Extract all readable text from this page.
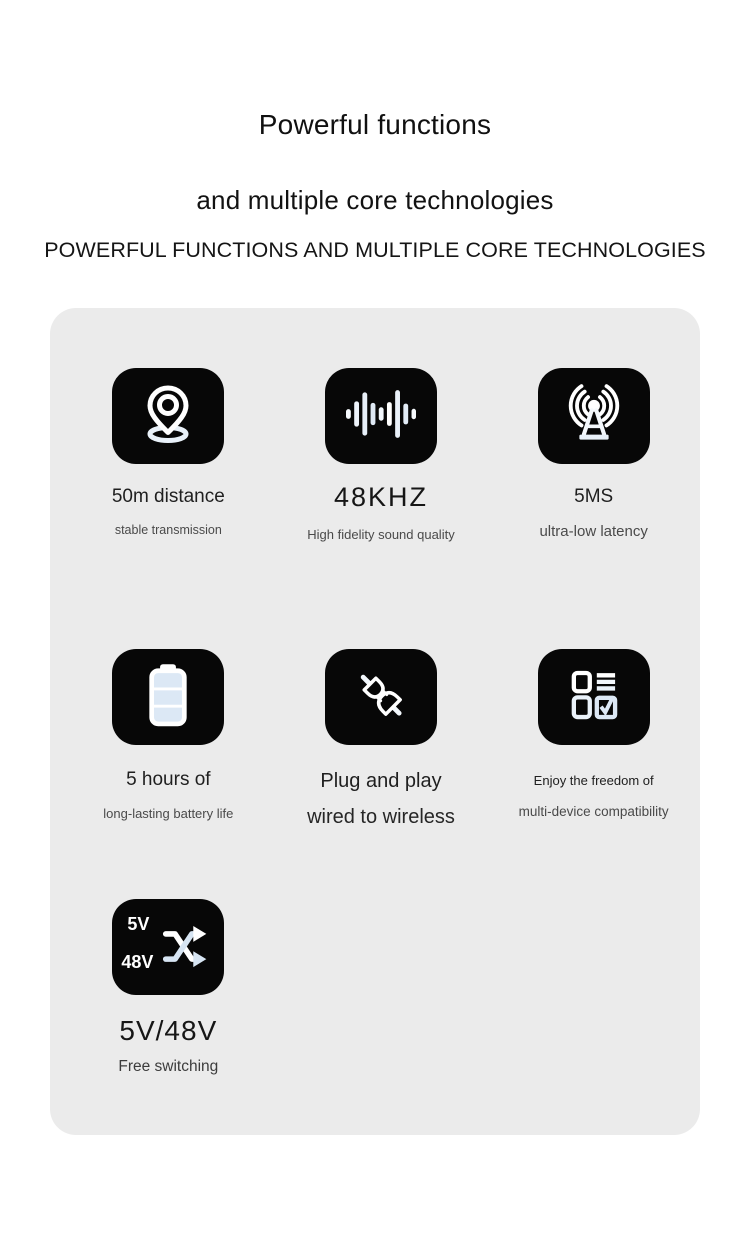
Powerful functions
and multiple core technologies
POWERFUL FUNCTIONS AND MULTIPLE CORE TECHNOLOGIES
50m distance
stable transmission
48KHZ
High fidelity sound quality
5MS
ultra-low latency
5 hours of
long-lasting battery life
Plug and play
wired to wireless
Enjoy the freedom of
multi-device compatibility
5V
48V
5V/48V
Free switching
